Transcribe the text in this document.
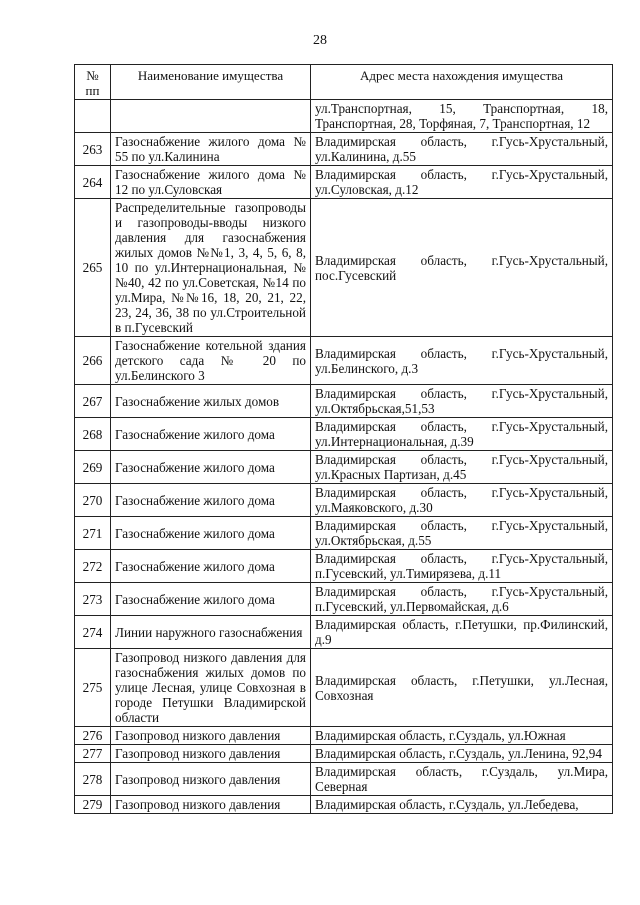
28
№ пп	Наименование имущества	Адрес места нахождения имущества
		ул.Транспортная, 15, Транспортная, 18, Транспортная, 28, Торфяная, 7, Транспортная, 12
263	Газоснабжение жилого дома № 55 по ул.Калинина	Владимирская область, г.Гусь-Хрустальный, ул.Калинина, д.55
264	Газоснабжение жилого дома № 12 по ул.Суловская	Владимирская область, г.Гусь-Хрустальный, ул.Суловская, д.12
265	Распределительные газопроводы и газопроводы-вводы низкого давления для газоснабжения жилых домов №№1, 3, 4, 5, 6, 8, 10 по ул.Интернациональная, №№40, 42 по ул.Советская, №14 по ул.Мира, №№16, 18, 20, 21, 22, 23, 24, 36, 38 по ул.Строительной в п.Гусевский	Владимирская область, г.Гусь-Хрустальный, пос.Гусевский
266	Газоснабжение котельной здания детского сада № 20 по ул.Белинского 3	Владимирская область, г.Гусь-Хрустальный, ул.Белинского, д.3
267	Газоснабжение жилых домов	Владимирская область, г.Гусь-Хрустальный, ул.Октябрьская,51,53
268	Газоснабжение жилого дома	Владимирская область, г.Гусь-Хрустальный, ул.Интернациональная, д.39
269	Газоснабжение жилого дома	Владимирская область, г.Гусь-Хрустальный, ул.Красных Партизан, д.45
270	Газоснабжение жилого дома	Владимирская область, г.Гусь-Хрустальный, ул.Маяковского, д.30
271	Газоснабжение жилого дома	Владимирская область, г.Гусь-Хрустальный, ул.Октябрьская, д.55
272	Газоснабжение жилого дома	Владимирская область, г.Гусь-Хрустальный, п.Гусевский, ул.Тимирязева, д.11
273	Газоснабжение жилого дома	Владимирская область, г.Гусь-Хрустальный, п.Гусевский, ул.Первомайская, д.6
274	Линии наружного газоснабжения	Владимирская область, г.Петушки, пр.Филинский, д.9
275	Газопровод низкого давления для газоснабжения жилых домов по улице Лесная, улице Совхозная в городе Петушки Владимирской области	Владимирская область, г.Петушки, ул.Лесная, Совхозная
276	Газопровод низкого давления	Владимирская область, г.Суздаль, ул.Южная
277	Газопровод низкого давления	Владимирская область, г.Суздаль, ул.Ленина, 92,94
278	Газопровод низкого давления	Владимирская область, г.Суздаль, ул.Мира, Северная
279	Газопровод низкого давления	Владимирская область, г.Суздаль, ул.Лебедева,
